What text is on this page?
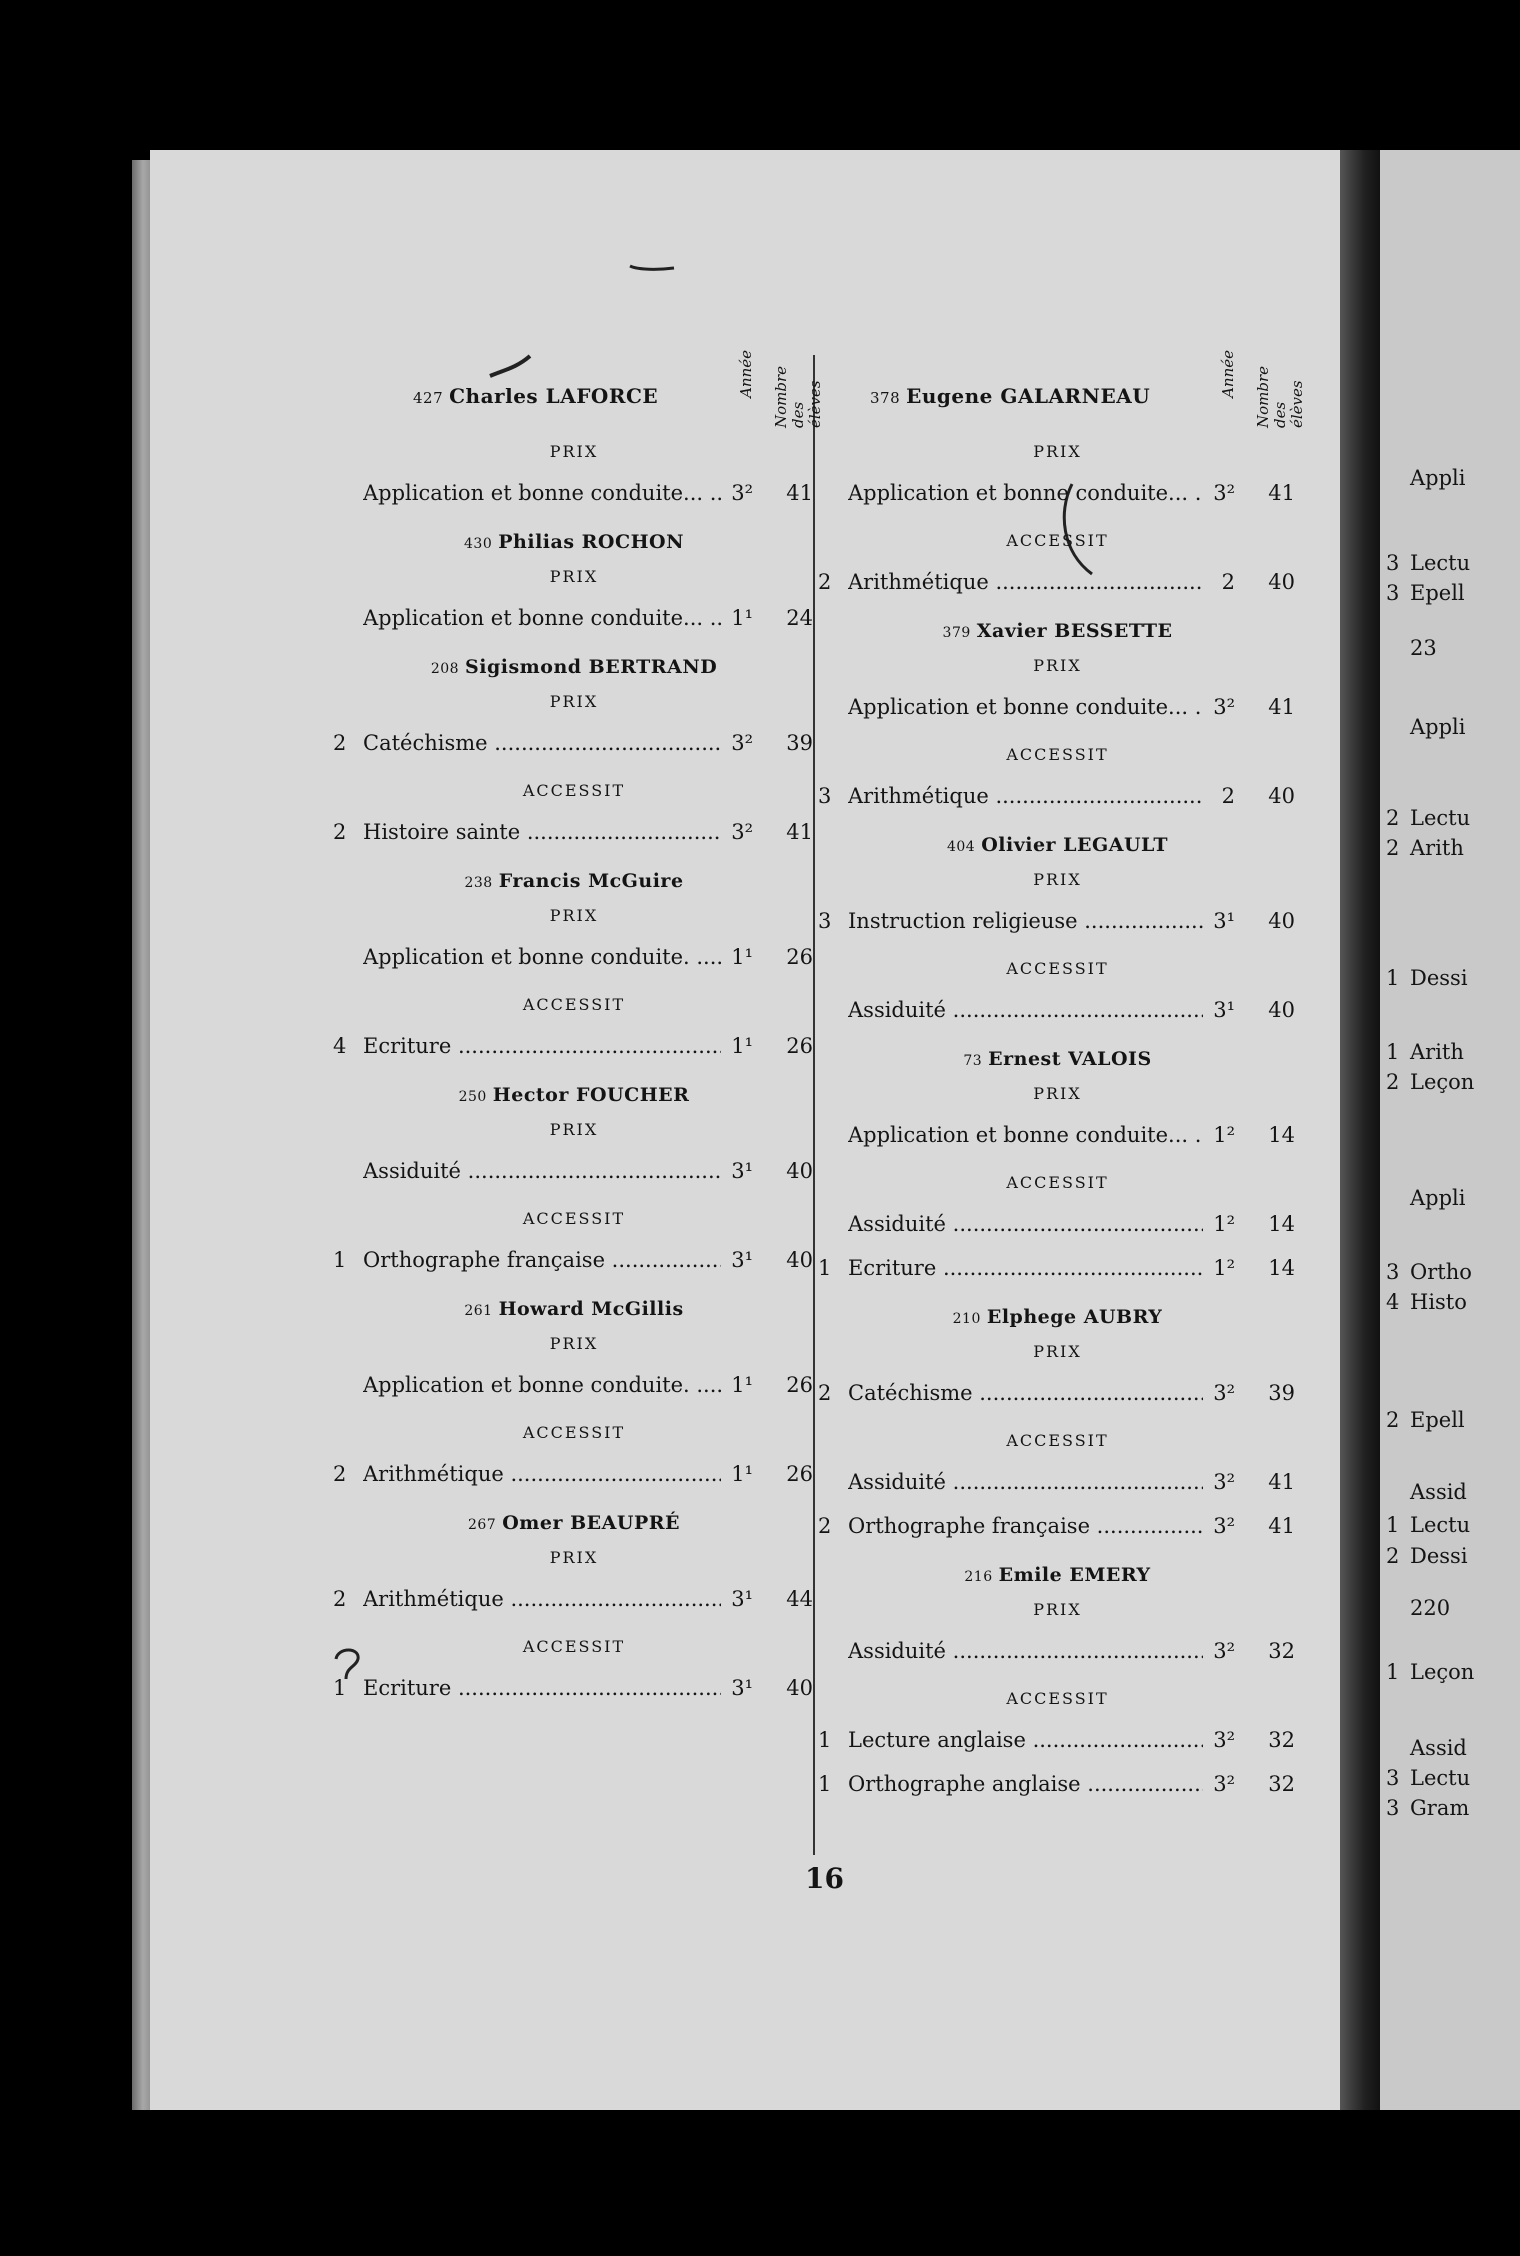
Appli
3 Lectu
3 Epell
23
Appli
2 Lectu
2 Arith
1 Dessi
1 Arith
2 Leçon
Appli
3 Ortho
4 Histo
2 Epell
Assid
1 Lectu
2 Dessi
220
1 Leçon
Assid
3 Lectu
3 Gram
427 Charles LAFORCE	Année Nombre des élèves
PRIX
Application et bonne conduite... .....	3²	41
430 Philias ROCHON
PRIX
Application et bonne conduite... .....	1¹	24
208 Sigismond BERTRAND
PRIX
2 Catéchisme .....	3²	39
ACCESSIT
2 Histoire sainte .....	3²	41
238 Francis McGuire
PRIX
Application et bonne conduite. .....	1¹	26
ACCESSIT
4 Ecriture .....	1¹	26
250 Hector FOUCHER
PRIX
Assiduité .....	3¹	40
ACCESSIT
1 Orthographe française .....	3¹	40
261 Howard McGillis
PRIX
Application et bonne conduite. .....	1¹	26
ACCESSIT
2 Arithmétique .....	1¹	26
267 Omer BEAUPRÉ
PRIX
2 Arithmétique .....	3¹	44
ACCESSIT
1 Ecriture .....	3¹	40
378 Eugene GALARNEAU	Année Nombre des élèves
PRIX
Application et bonne conduite... .....	3²	41
ACCESSIT
2 Arithmétique .....	2	40
379 Xavier BESSETTE
PRIX
Application et bonne conduite... .....	3²	41
ACCESSIT
3 Arithmétique .....	2	40
404 Olivier LEGAULT
PRIX
3 Instruction religieuse .....	3¹	40
ACCESSIT
Assiduité .....	3¹	40
73 Ernest VALOIS
PRIX
Application et bonne conduite... .....	1²	14
ACCESSIT
Assiduité .....	1²	14
1 Ecriture .....	1²	14
210 Elphege AUBRY
PRIX
2 Catéchisme .....	3²	39
ACCESSIT
Assiduité .....	3²	41
2 Orthographe française .....	3²	41
216 Emile EMERY
PRIX
Assiduité .....	3²	32
ACCESSIT
1 Lecture anglaise .....	3²	32
1 Orthographe anglaise .....	3²	32
16
